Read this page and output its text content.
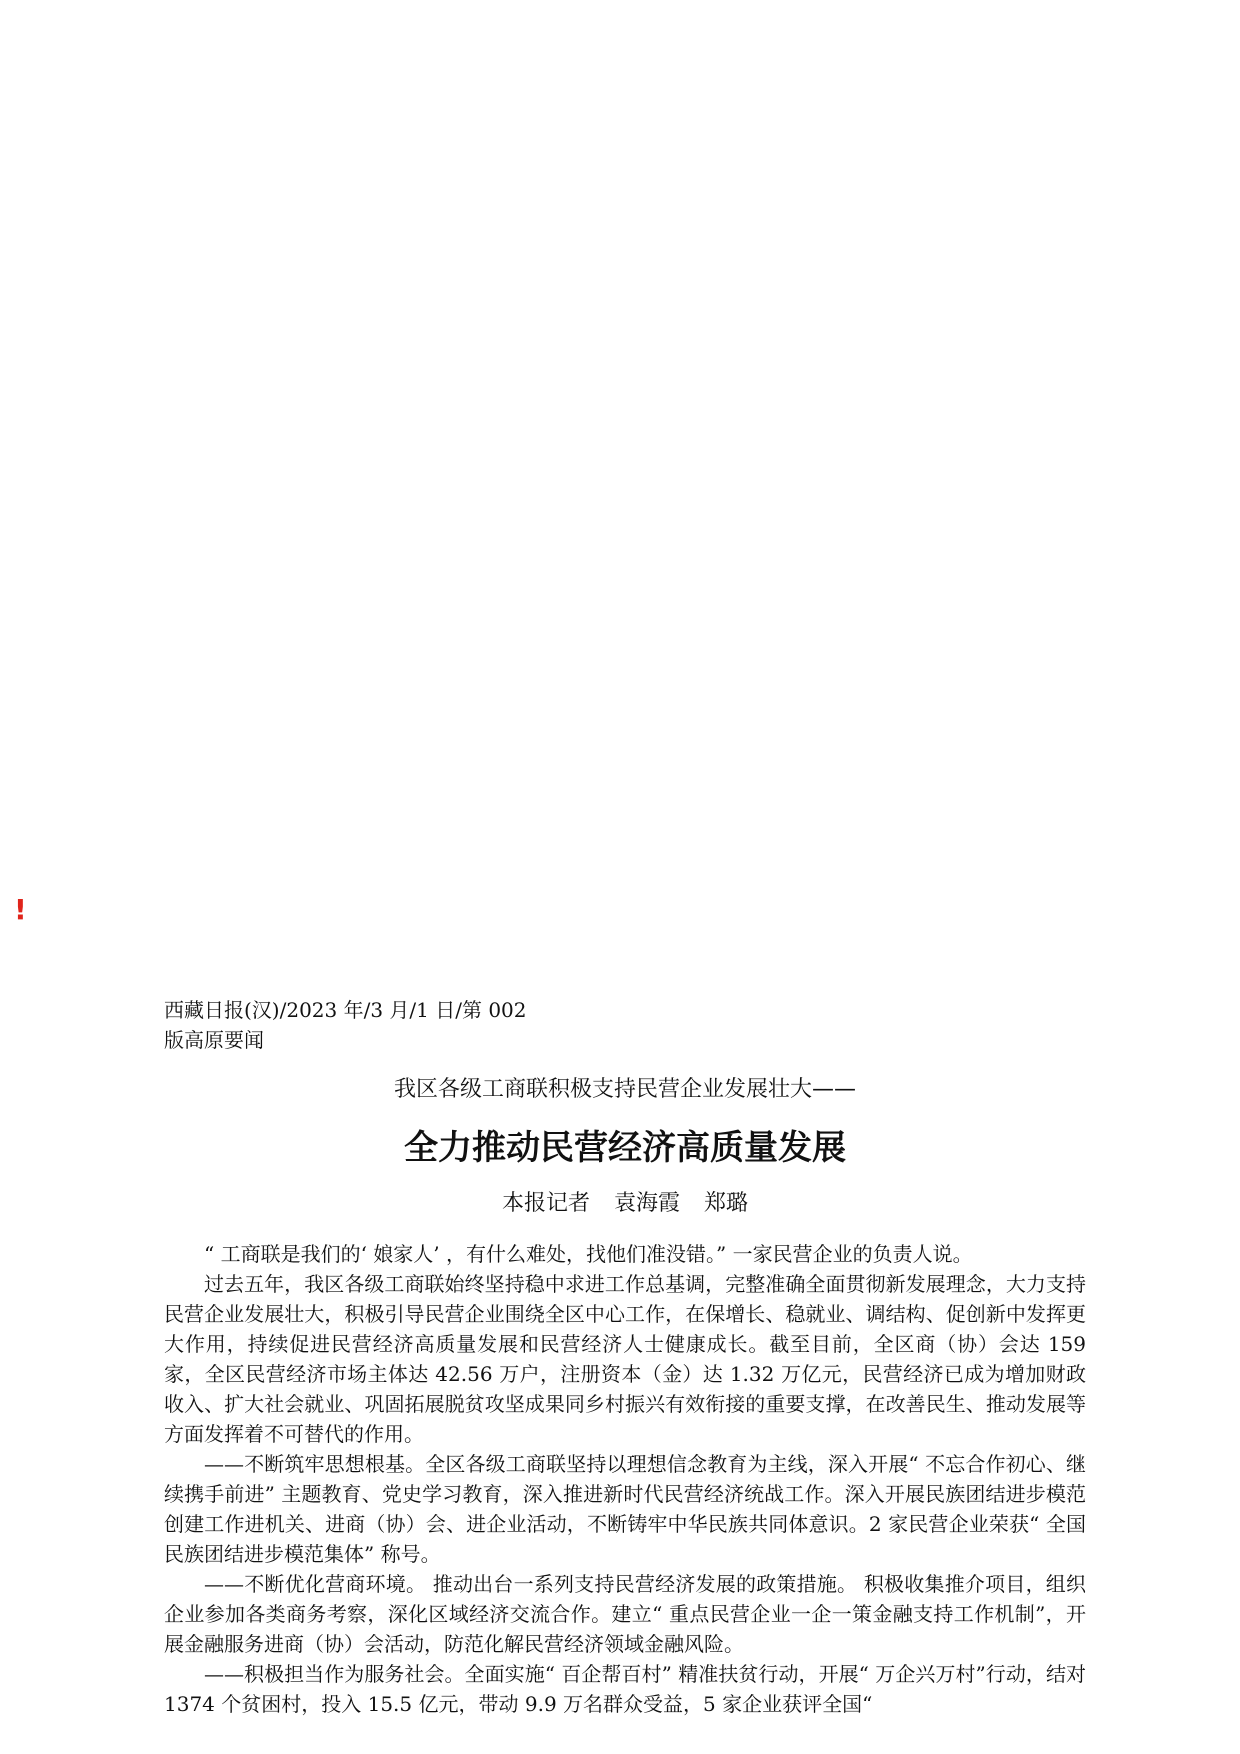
!

西藏日报(汉)/2023 年/3 月/1 日/第 002

版高原要闻

我区各级工商联积极支持民营企业发展壮大——
全力推动民营经济高质量发展
本报记者 袁海霞 郑璐

“ 工商联是我们的‘ 娘家人’ ，有什么难处，找他们准没错。” 一家民营企业的负责人说。

过去五年，我区各级工商联始终坚持稳中求进工作总基调，完整准确全面贯彻新发展理念，大力支持民营企业发展壮大，积极引导民营企业围绕全区中心工作，在保增长、稳就业、调结构、促创新中发挥更大作用，持续促进民营经济高质量发展和民营经济人士健康成长。截至目前，全区商（协）会达 159 家，全区民营经济市场主体达 42.56 万户，注册资本（金）达 1.32 万亿元，民营经济已成为增加财政收入、扩大社会就业、巩固拓展脱贫攻坚成果同乡村振兴有效衔接的重要支撑，在改善民生、推动发展等方面发挥着不可替代的作用。

——不断筑牢思想根基。全区各级工商联坚持以理想信念教育为主线，深入开展“ 不忘合作初心、继续携手前进” 主题教育、党史学习教育，深入推进新时代民营经济统战工作。深入开展民族团结进步模范创建工作进机关、进商（协）会、进企业活动，不断铸牢中华民族共同体意识。2 家民营企业荣获“ 全国民族团结进步模范集体” 称号。

——不断优化营商环境。 推动出台一系列支持民营经济发展的政策措施。 积极收集推介项目，组织企业参加各类商务考察，深化区域经济交流合作。建立“ 重点民营企业一企一策金融支持工作机制”，开展金融服务进商（协）会活动，防范化解民营经济领域金融风险。

——积极担当作为服务社会。全面实施“ 百企帮百村” 精准扶贫行动，开展“ 万企兴万村”行动，结对 1374 个贫困村，投入 15.5 亿元，带动 9.9 万名群众受益，5 家企业获评全国“
